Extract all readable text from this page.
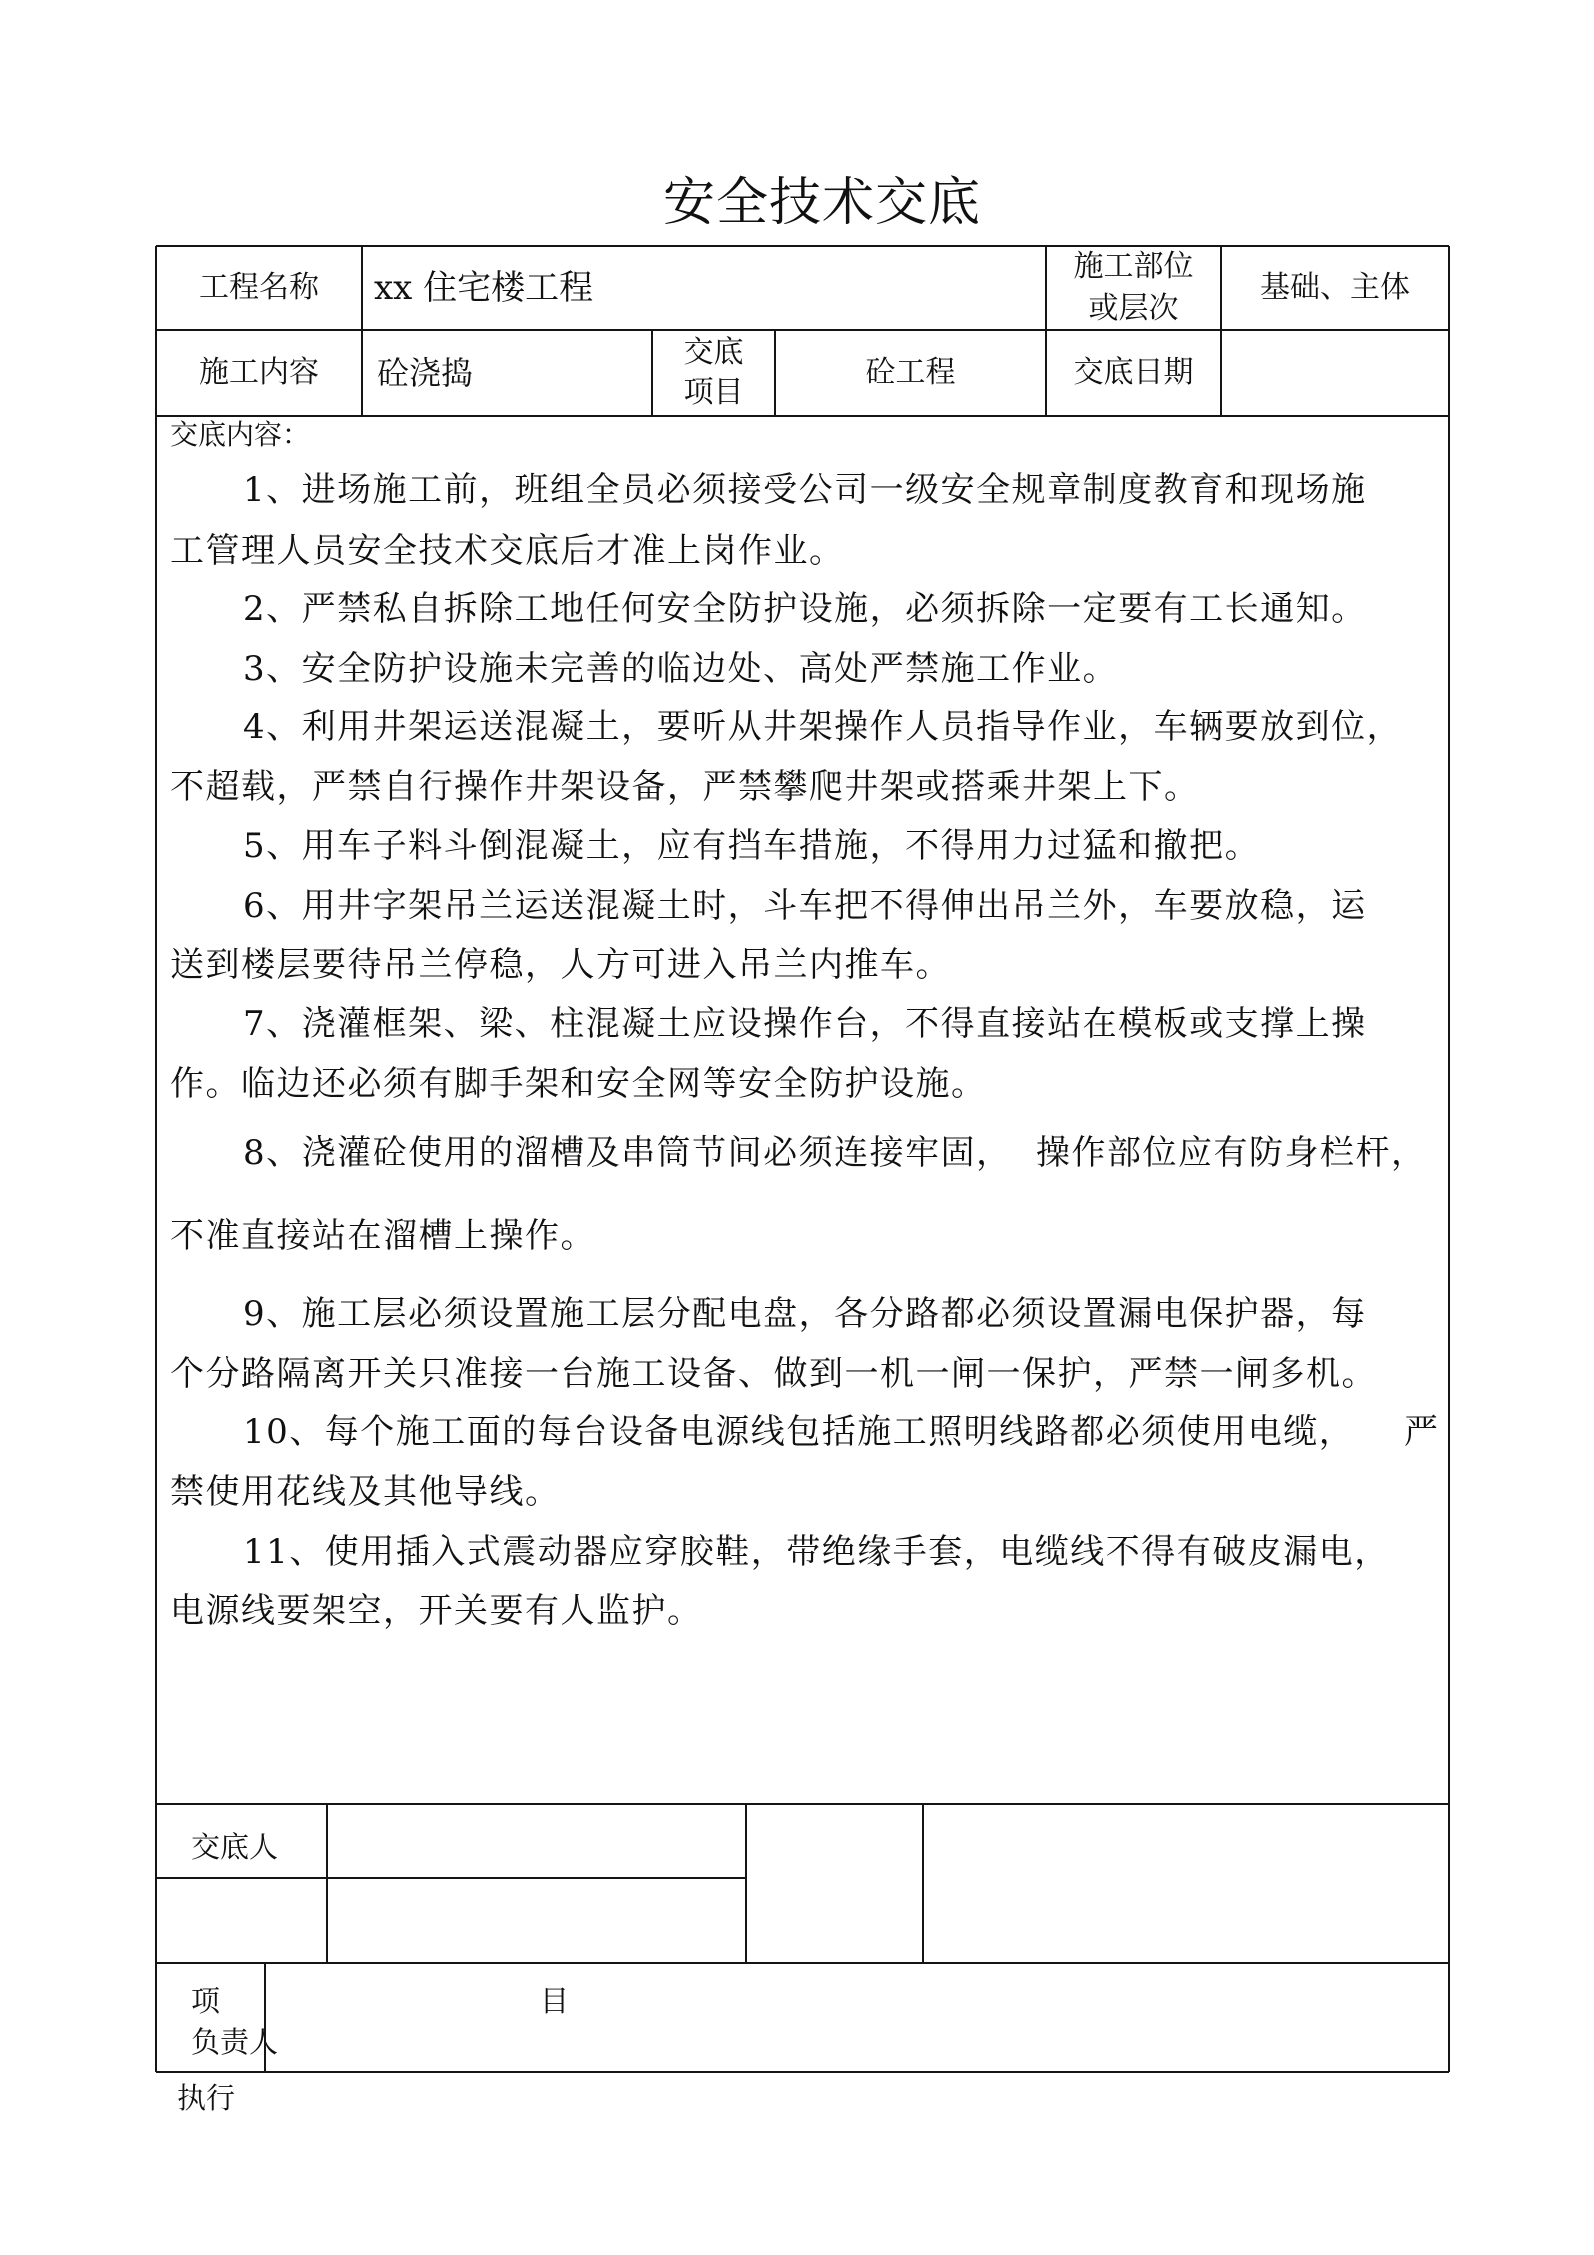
安全技术交底
工程名称 xx 住宅楼工程
施工部位
或层次
基础、主体
施工内容 砼浇捣
交底
项目
砼工程	交底日期
交底内容：
1、进场施工前，班组全员必须接受公司一级安全规章制度教育和现场施
工管理人员安全技术交底后才准上岗作业。
2、严禁私自拆除工地任何安全防护设施，必须拆除一定要有工长通知。
3、安全防护设施未完善的临边处、高处严禁施工作业。
4、利用井架运送混凝土，要听从井架操作人员指导作业，车辆要放到位，
不超载，严禁自行操作井架设备，严禁攀爬井架或搭乘井架上下。
5、用车子料斗倒混凝土，应有挡车措施，不得用力过猛和撤把。
6、用井字架吊兰运送混凝土时，斗车把不得伸出吊兰外，车要放稳，运
送到楼层要待吊兰停稳，人方可进入吊兰内推车。
7、浇灌框架、梁、柱混凝土应设操作台，不得直接站在模板或支撑上操
作。临边还必须有脚手架和安全网等安全防护设施。
8、浇灌砼使用的溜槽及串筒节间必须连接牢固， 操作部位应有防身栏杆，
不准直接站在溜槽上操作。
9、施工层必须设置施工层分配电盘，各分路都必须设置漏电保护器，每
个分路隔离开关只准接一台施工设备、做到一机一闸一保护，严禁一闸多机。
10、每个施工面的每台设备电源线包括施工照明线路都必须使用电缆， 严
禁使用花线及其他导线。
11、使用插入式震动器应穿胶鞋，带绝缘手套，电缆线不得有破皮漏电，
电源线要架空，开关要有人监护。
交底人
项	目
负责人
执行
